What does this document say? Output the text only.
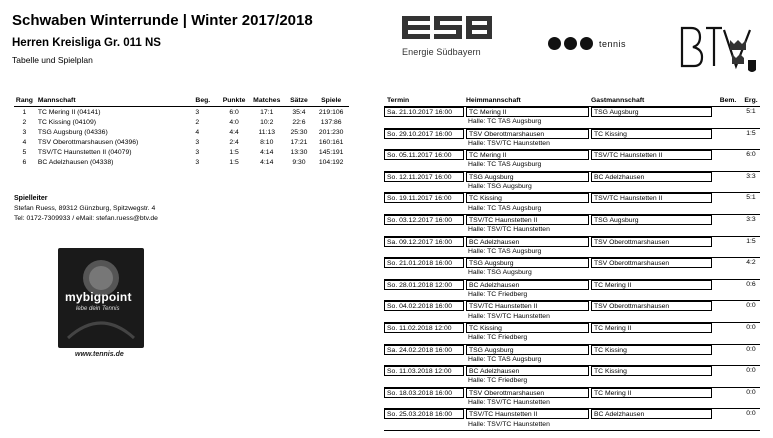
Schwaben Winterrunde | Winter 2017/2018
Herren Kreisliga Gr. 011 NS
Tabelle und Spielplan
Energie Südbayern
tennis
Rang Mannschaft	Beg.	Punkte	Matches	Sätze	Spiele
1	TC Mering II (04141)	3	6:0	17:1	35:4	219:106
2	TC Kissing (04109)	2	4:0	10:2	22:6	137:86
3	TSG Augsburg (04336)	4	4:4	11:13	25:30	201:230
4	TSV Oberottmarshausen (04396)	3	2:4	8:10	17:21	160:161
5	TSV/TC Haunstetten II (04079)	3	1:5	4:14	13:30	145:191
6	BC Adelzhausen (04338)	3	1:5	4:14	9:30	104:192
Spielleiter
Stefan Ruess, 89312 Günzburg, Spitzwegstr. 4
Tel: 0172-7309933 / eMail: stefan.ruess@btv.de
mybigpoint
lebe dein Tennis
www.tennis.de
Termin	Heimmannschaft	Gastmannschaft	Bem.	Erg.
Sa. 21.10.2017 16:00	TC Mering II	TSG Augsburg	5:1
Halle: TC TAS Augsburg
So. 29.10.2017 16:00	TSV Oberottmarshausen	TC Kissing	1:5
Halle: TSV/TC Haunstetten
So. 05.11.2017 16:00	TC Mering II	TSV/TC Haunstetten II	6:0
Halle: TC TAS Augsburg
So. 12.11.2017 16:00	TSG Augsburg	BC Adelzhausen	3:3
Halle: TSG Augsburg
So. 19.11.2017 16:00	TC Kissing	TSV/TC Haunstetten II	5:1
Halle: TC TAS Augsburg
So. 03.12.2017 16:00	TSV/TC Haunstetten II	TSG Augsburg	3:3
Halle: TSV/TC Haunstetten
Sa. 09.12.2017 16:00	BC Adelzhausen	TSV Oberottmarshausen	1:5
Halle: TC TAS Augsburg
So. 21.01.2018 16:00	TSG Augsburg	TSV Oberottmarshausen	4:2
Halle: TSG Augsburg
So. 28.01.2018 12:00	BC Adelzhausen	TC Mering II	0:6
Halle: TC Friedberg
So. 04.02.2018 16:00	TSV/TC Haunstetten II	TSV Oberottmarshausen	0:0
Halle: TSV/TC Haunstetten
So. 11.02.2018 12:00	TC Kissing	TC Mering II	0:0
Halle: TC Friedberg
Sa. 24.02.2018 16:00	TSG Augsburg	TC Kissing	0:0
Halle: TC TAS Augsburg
So. 11.03.2018 12:00	BC Adelzhausen	TC Kissing	0:0
Halle: TC Friedberg
So. 18.03.2018 16:00	TSV Oberottmarshausen	TC Mering II	0:0
Halle: TSV/TC Haunstetten
So. 25.03.2018 16:00	TSV/TC Haunstetten II	BC Adelzhausen	0:0
Halle: TSV/TC Haunstetten
